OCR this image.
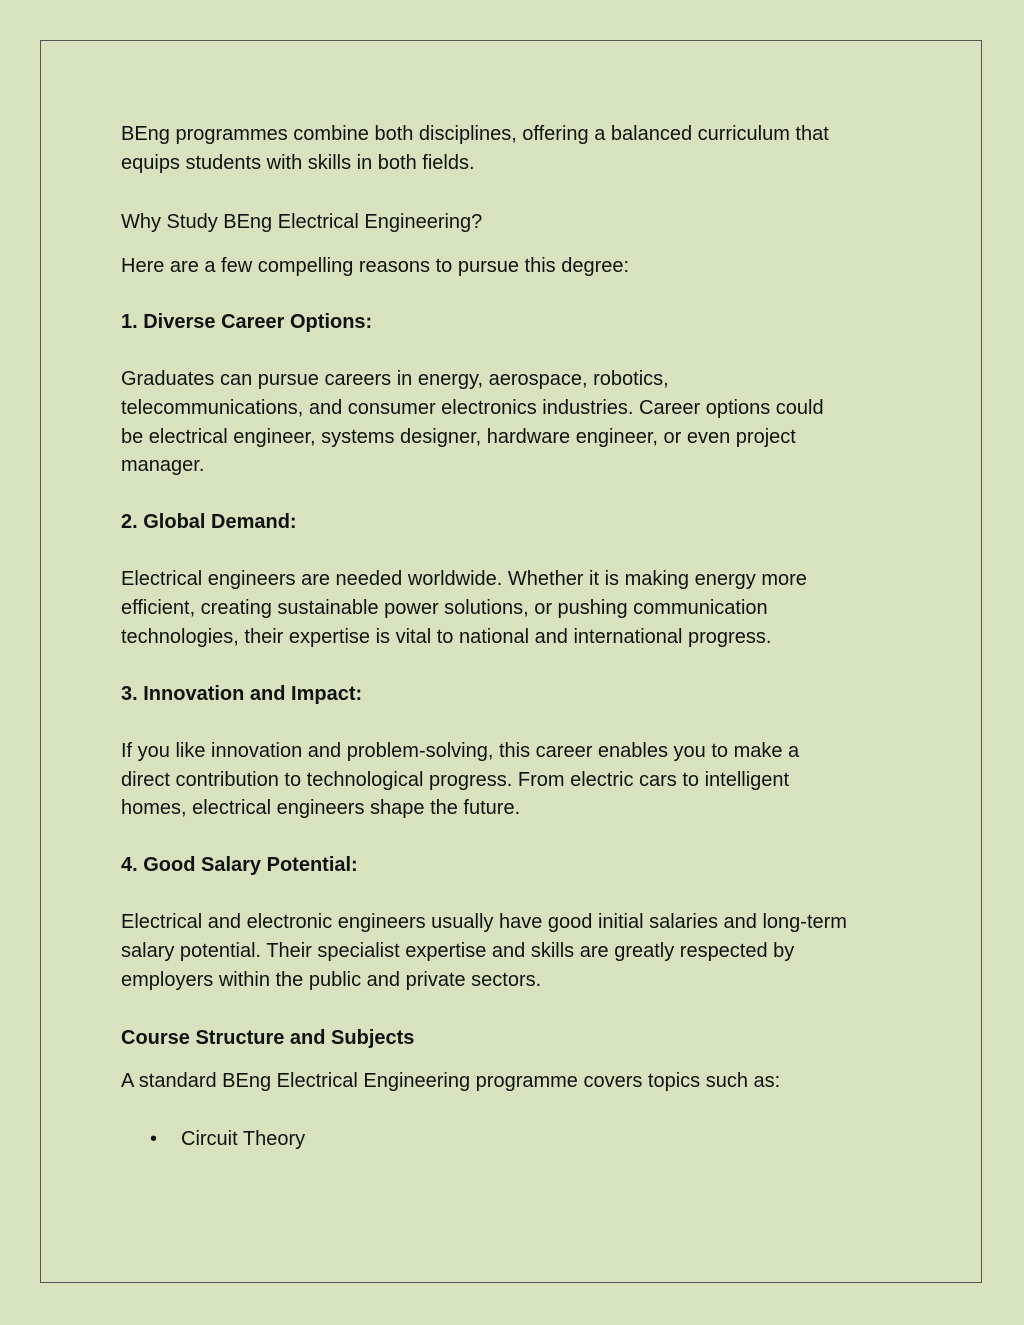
BEng programmes combine both disciplines, offering a balanced curriculum that

equips students with skills in both fields.

Why Study BEng Electrical Engineering?

Here are a few compelling reasons to pursue this degree:

1. Diverse Career Options:

Graduates can pursue careers in energy, aerospace, robotics,

telecommunications, and consumer electronics industries. Career options could

be electrical engineer, systems designer, hardware engineer, or even project

manager.

2. Global Demand:

Electrical engineers are needed worldwide. Whether it is making energy more

efficient, creating sustainable power solutions, or pushing communication

technologies, their expertise is vital to national and international progress.

3. Innovation and Impact:

If you like innovation and problem-solving, this career enables you to make a

direct contribution to technological progress. From electric cars to intelligent

homes, electrical engineers shape the future.

4. Good Salary Potential:

Electrical and electronic engineers usually have good initial salaries and long-term

salary potential. Their specialist expertise and skills are greatly respected by

employers within the public and private sectors.

Course Structure and Subjects

A standard BEng Electrical Engineering programme covers topics such as:

• Circuit Theory
